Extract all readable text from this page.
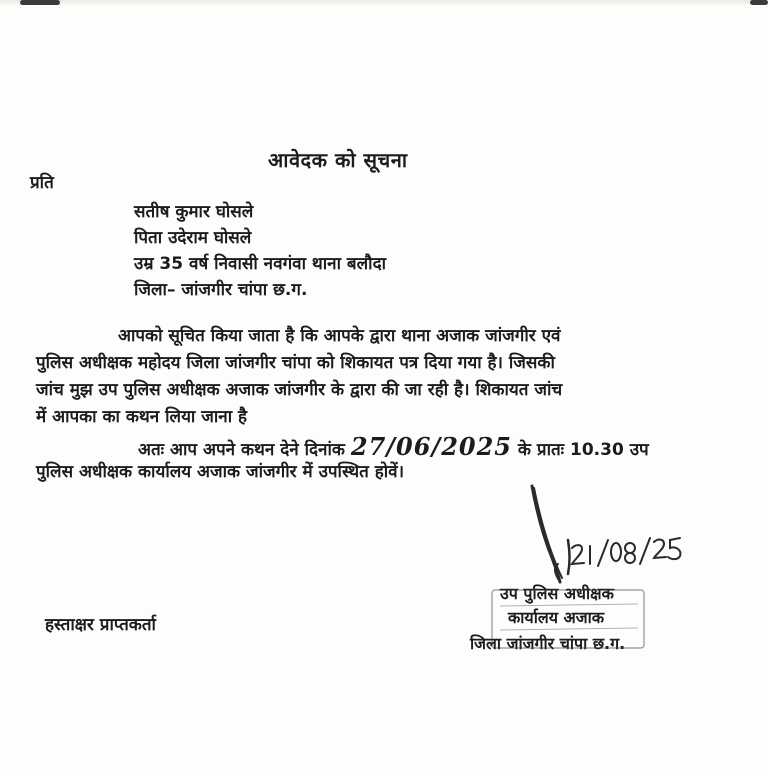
आवेदक को सूचना
प्रति
सतीष कुमार घोसले
पिता उदेराम घोसले
उम्र 35 वर्ष निवासी नवगंवा थाना बलौदा
जिला– जांजगीर चांपा छ.ग.
आपको सूचित किया जाता है कि आपके द्वारा थाना अजाक जांजगीर एवं
पुलिस अधीक्षक महोदय जिला जांजगीर चांपा को शिकायत पत्र दिया गया है। जिसकी
जांच मुझ उप पुलिस अधीक्षक अजाक जांजगीर के द्वारा की जा रही है। शिकायत जांच
में आपका का कथन लिया जाना है
अतः आप अपने कथन देने दिनांक 27/06/2025 के प्रातः 10.30 उप
पुलिस अधीक्षक कार्यालय अजाक जांजगीर में उपस्थित होवें।
उप पुलिस अधीक्षक
कार्यालय अजाक
जिला जांजगीर चांपा छ.ग.
हस्ताक्षर प्राप्तकर्ता
